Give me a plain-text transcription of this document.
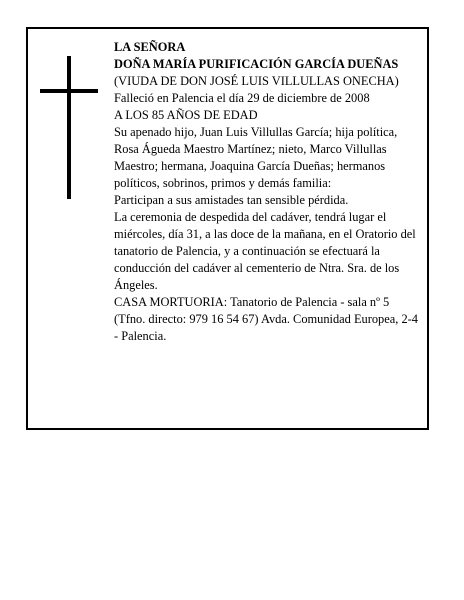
LA SEÑORA

DOÑA MARÍA PURIFICACIÓN GARCÍA DUEÑAS

(VIUDA DE DON JOSÉ LUIS VILLULLAS ONECHA)

Falleció en Palencia el día 29 de diciembre de 2008

A LOS 85 AÑOS DE EDAD

Su apenado hijo, Juan Luis Villullas García; hija política, Rosa Águeda Maestro Martínez; nieto, Marco Villullas Maestro; hermana, Joaquina García Dueñas; hermanos políticos, sobrinos, primos y demás familia:

Participan a sus amistades tan sensible pérdida.

La ceremonia de despedida del cadáver, tendrá lugar el miércoles, día 31, a las doce de la mañana, en el Oratorio del tanatorio de Palencia, y a continuación se efectuará la conducción del cadáver al cementerio de Ntra. Sra. de los Ángeles.

CASA MORTUORIA: Tanatorio de Palencia - sala nº 5 (Tfno. directo: 979 16 54 67) Avda. Comunidad Europea, 2-4 - Palencia.
